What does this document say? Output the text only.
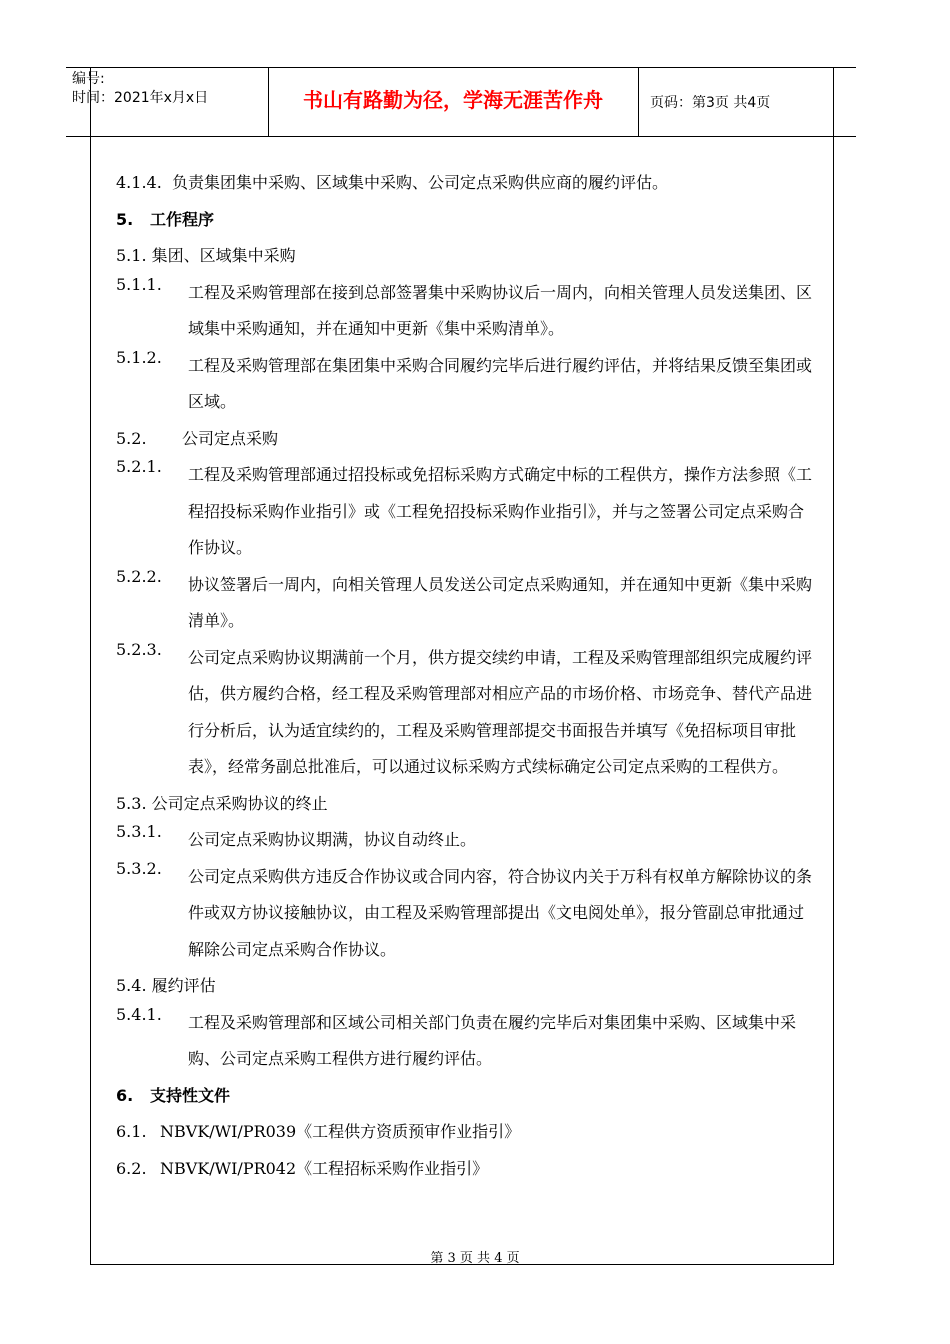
编号:
时间：2021年x月x日	书山有路勤为径，学海无涯苦作舟	页码：第3页 共4页
4.1.4. 负责集团集中采购、区域集中采购、公司定点采购供应商的履约评估。
5. 工作程序
5.1. 集团、区域集中采购
5.1.1.	工程及采购管理部在接到总部签署集中采购协议后一周内，向相关管理人员发送集团、区域集中采购通知，并在通知中更新《集中采购清单》。
5.1.2.	工程及采购管理部在集团集中采购合同履约完毕后进行履约评估，并将结果反馈至集团或区域。
5.2. 公司定点采购
5.2.1.	工程及采购管理部通过招投标或免招标采购方式确定中标的工程供方，操作方法参照《工程招投标采购作业指引》或《工程免招投标采购作业指引》，并与之签署公司定点采购合作协议。
5.2.2.	协议签署后一周内，向相关管理人员发送公司定点采购通知，并在通知中更新《集中采购清单》。
5.2.3.	公司定点采购协议期满前一个月，供方提交续约申请，工程及采购管理部组织完成履约评估，供方履约合格，经工程及采购管理部对相应产品的市场价格、市场竞争、替代产品进行分析后，认为适宜续约的，工程及采购管理部提交书面报告并填写《免招标项目审批表》，经常务副总批准后，可以通过议标采购方式续标确定公司定点采购的工程供方。
5.3. 公司定点采购协议的终止
5.3.1.	公司定点采购协议期满，协议自动终止。
5.3.2.	公司定点采购供方违反合作协议或合同内容，符合协议内关于万科有权单方解除协议的条件或双方协议接触协议，由工程及采购管理部提出《文电阅处单》，报分管副总审批通过解除公司定点采购合作协议。
5.4. 履约评估
5.4.1.	工程及采购管理部和区域公司相关部门负责在履约完毕后对集团集中采购、区域集中采购、公司定点采购工程供方进行履约评估。
6. 支持性文件
6.1. NBVK/WI/PR039《工程供方资质预审作业指引》
6.2. NBVK/WI/PR042《工程招标采购作业指引》
第 3 页 共 4 页
